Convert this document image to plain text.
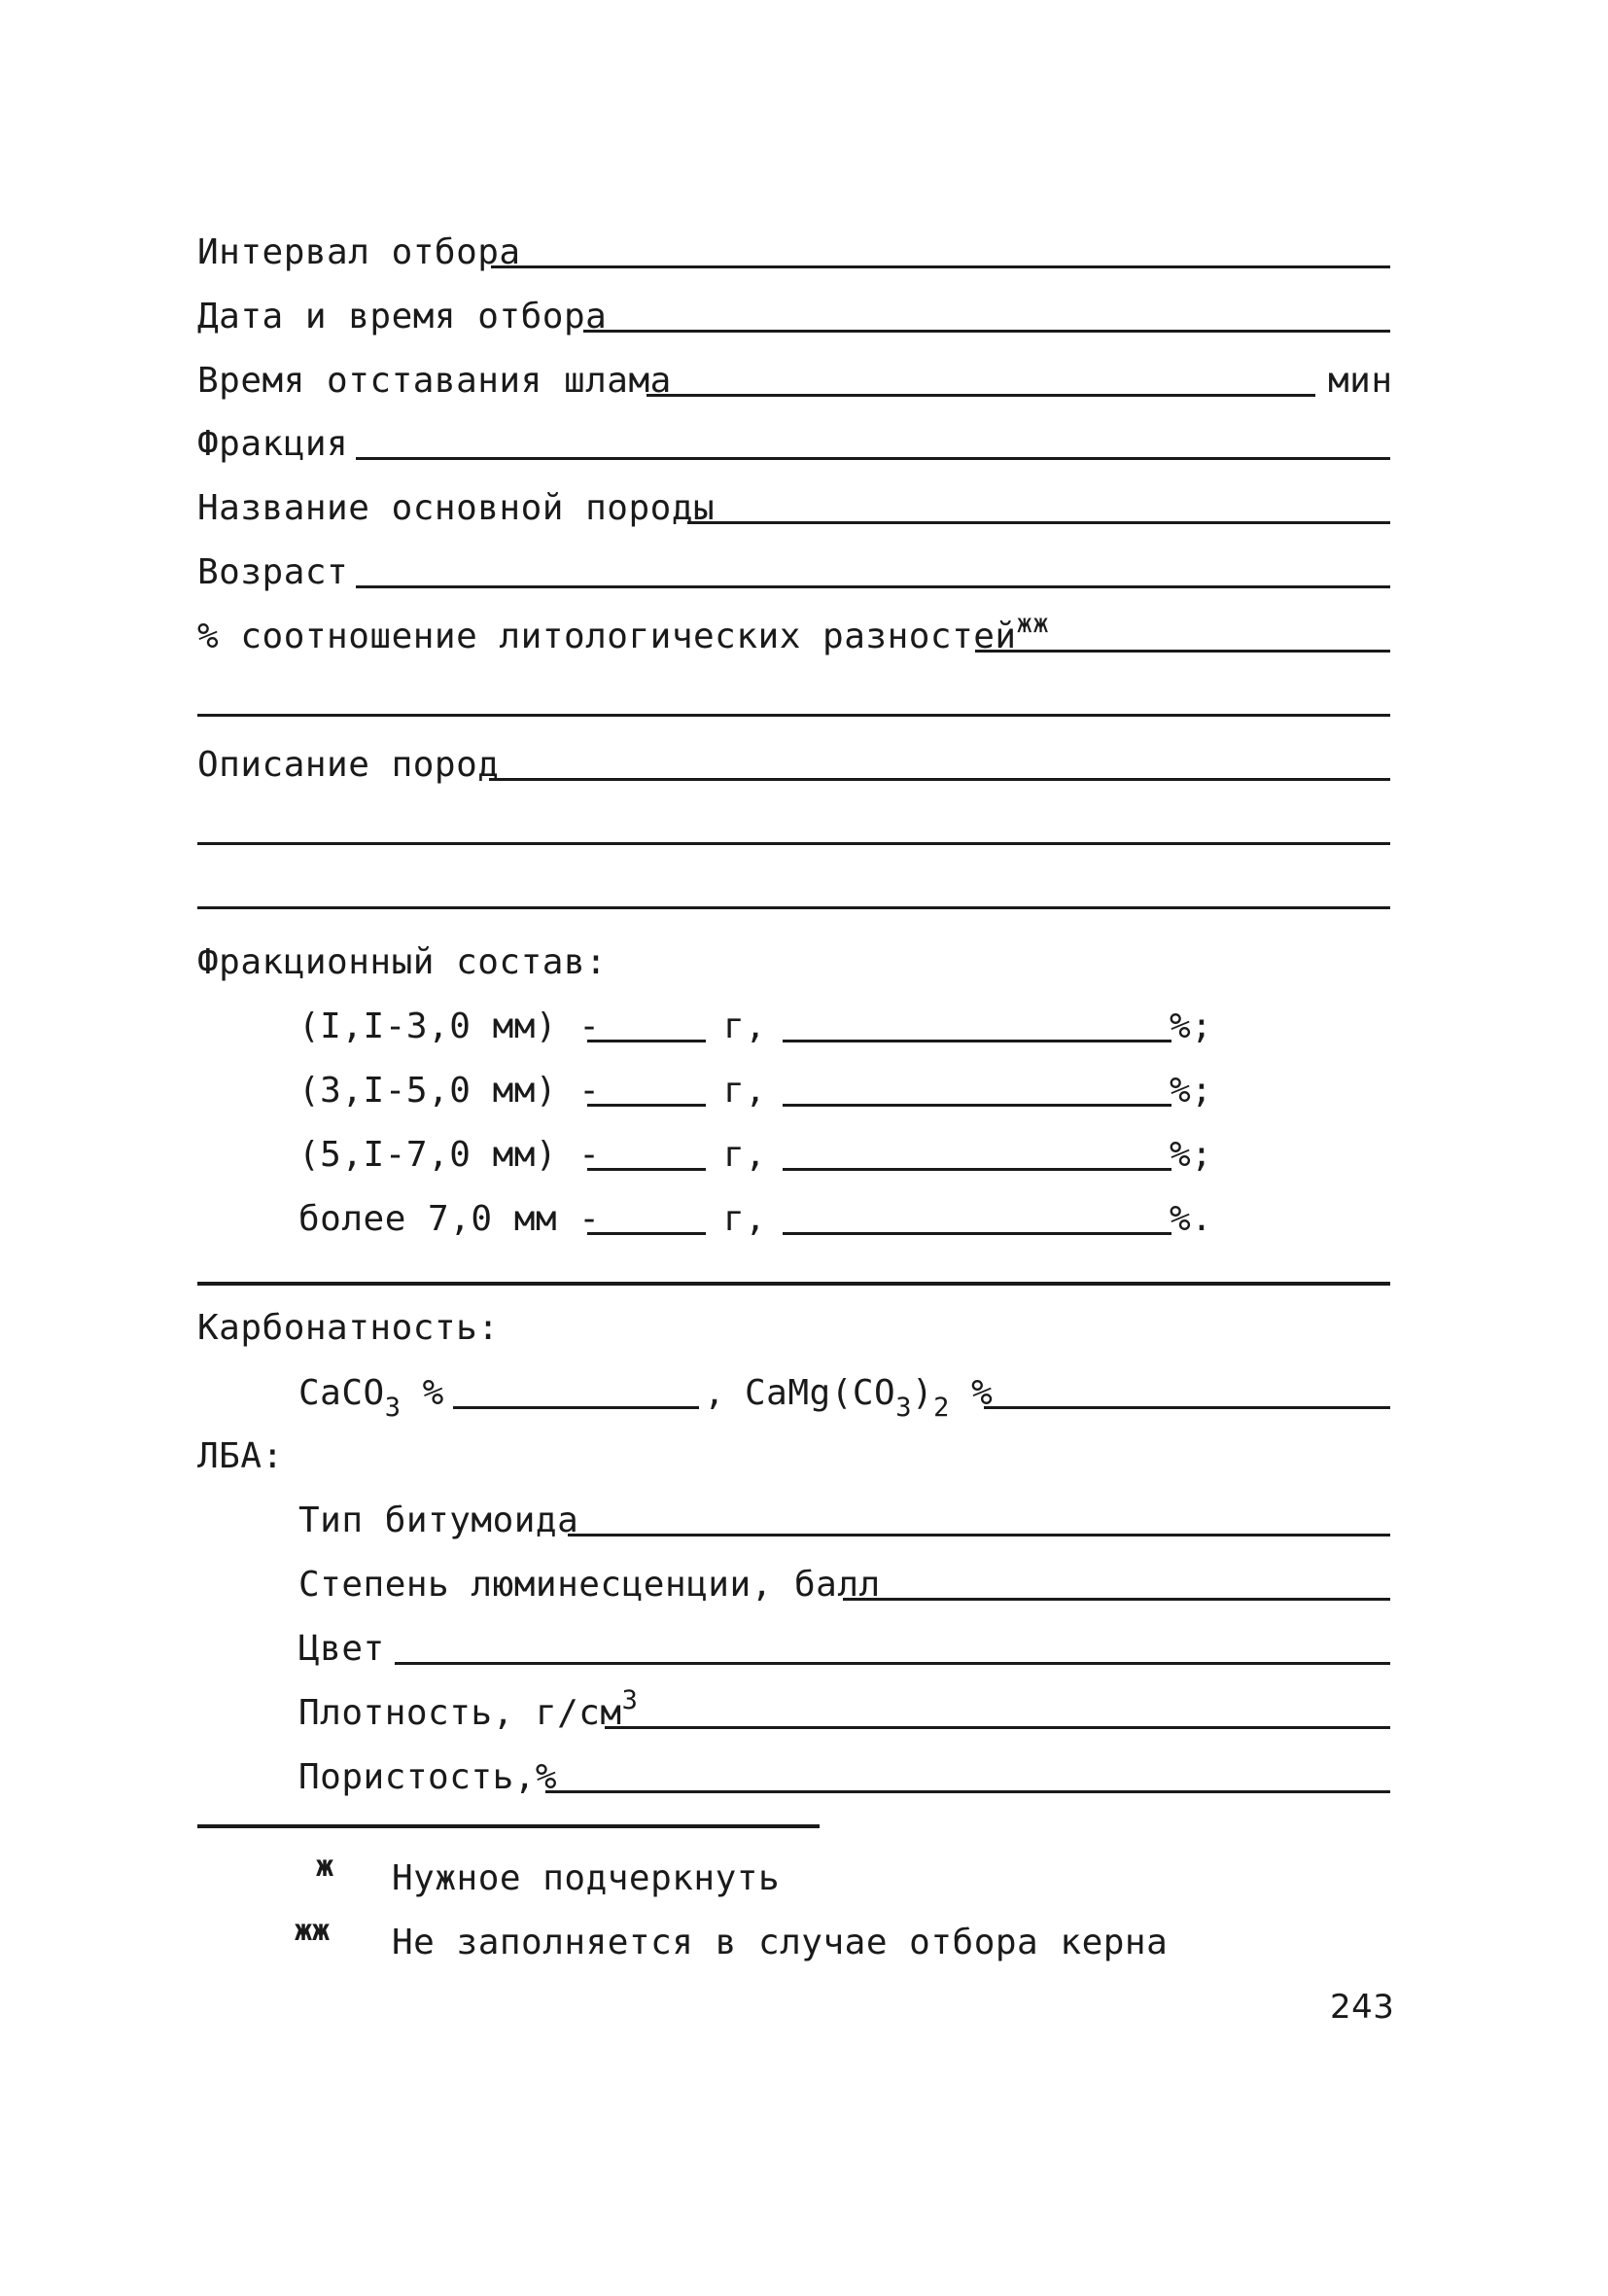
Интервал отбора
Дата и время отбора
Время отставания шлама	мин
Фракция
Название основной породы
Возраст
% соотношение литологических разностей$^{жж}$
Описание пород
Фракционный состав:
(I,I-3,0 мм) -	г,	%;
(3,I-5,0 мм) -	г,	%;
(5,I-7,0 мм) -	г,	%;
более 7,0 мм -	г,	%.
Карбонатность:
CaCO$_3$ %	, $CaMg(CO_3)_2$ %
ЛБА:
Тип битумоида
Степень люминесценции, балл
Цвет
Плотность, $г/см^3$
Пористость,%
ж Нужное подчеркнуть
жж Не заполняется в случае отбора керна
243
